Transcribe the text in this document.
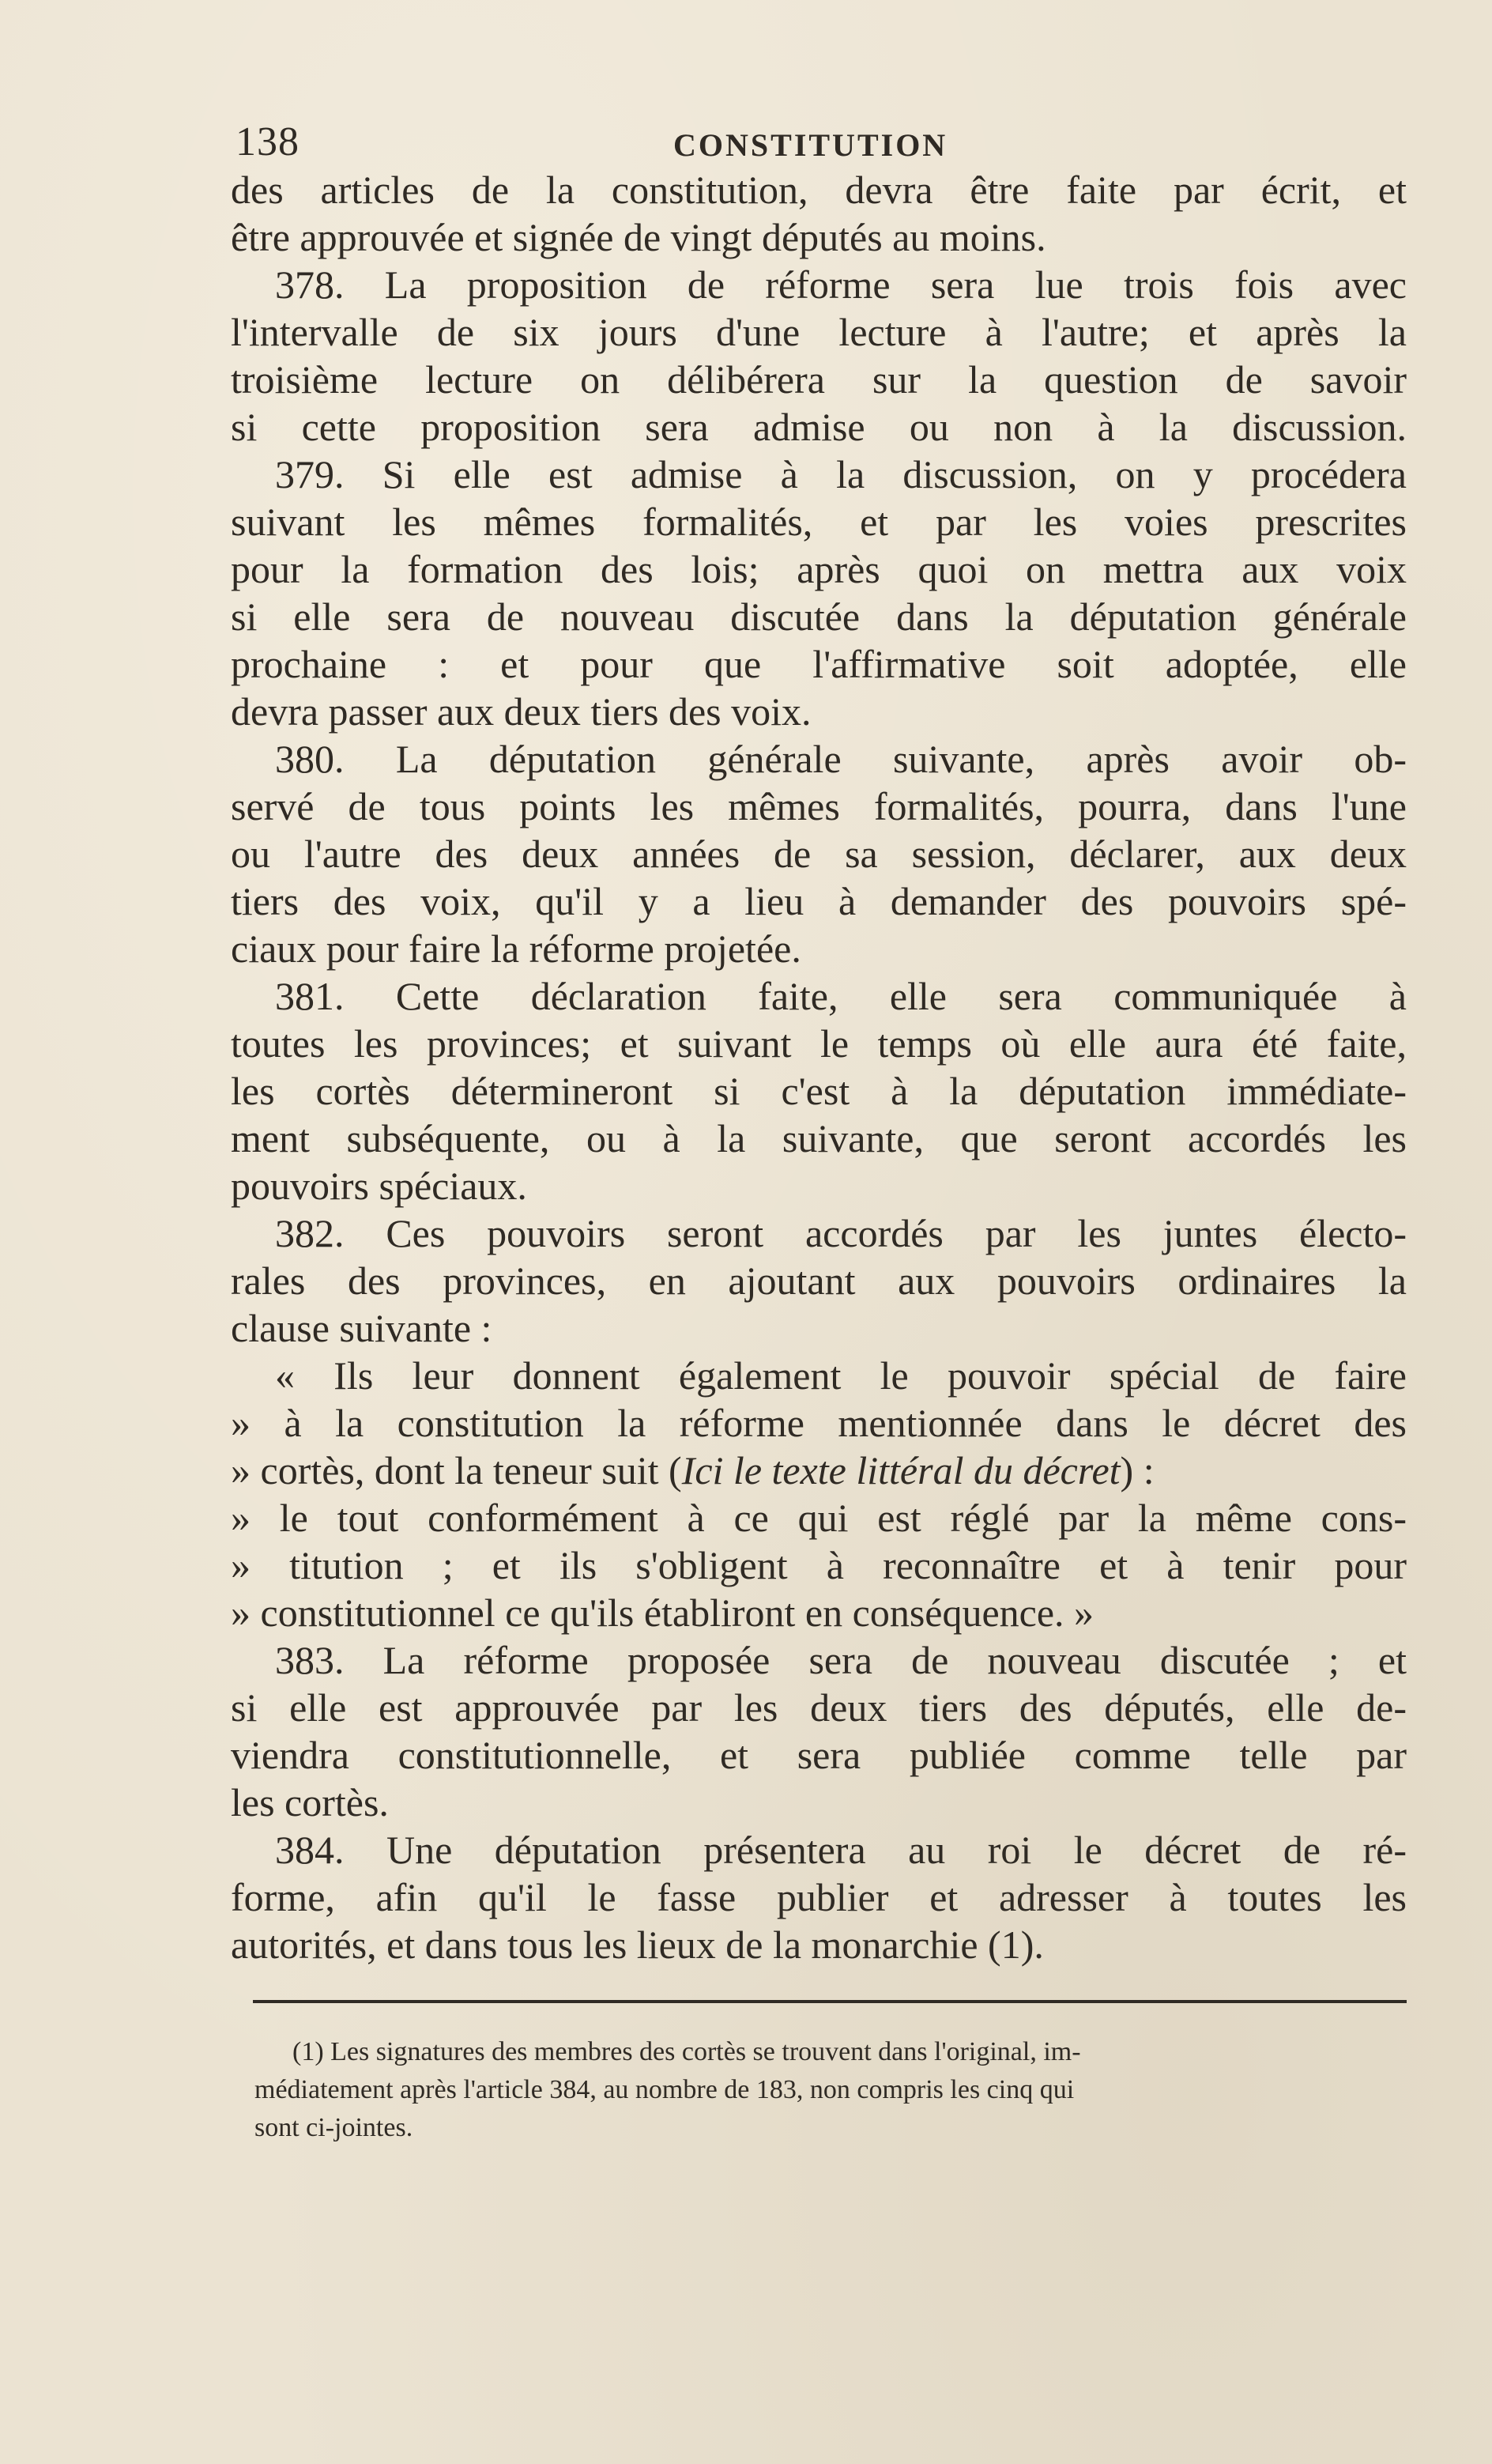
138	CONSTITUTION
des articles de la constitution, devra être faite par écrit, et
être approuvée et signée de vingt députés au moins.
378. La proposition de réforme sera lue trois fois avec
l'intervalle de six jours d'une lecture à l'autre; et après la
troisième lecture on délibérera sur la question de savoir
si cette proposition sera admise ou non à la discussion.
379. Si elle est admise à la discussion, on y procédera
suivant les mêmes formalités, et par les voies prescrites
pour la formation des lois; après quoi on mettra aux voix
si elle sera de nouveau discutée dans la députation générale
prochaine : et pour que l'affirmative soit adoptée, elle
devra passer aux deux tiers des voix.
380. La députation générale suivante, après avoir ob-
servé de tous points les mêmes formalités, pourra, dans l'une
ou l'autre des deux années de sa session, déclarer, aux deux
tiers des voix, qu'il y a lieu à demander des pouvoirs spé-
ciaux pour faire la réforme projetée.
381. Cette déclaration faite, elle sera communiquée à
toutes les provinces; et suivant le temps où elle aura été faite,
les cortès détermineront si c'est à la députation immédiate-
ment subséquente, ou à la suivante, que seront accordés les
pouvoirs spéciaux.
382. Ces pouvoirs seront accordés par les juntes électo-
rales des provinces, en ajoutant aux pouvoirs ordinaires la
clause suivante :
« Ils leur donnent également le pouvoir spécial de faire
» à la constitution la réforme mentionnée dans le décret des
» cortès, dont la teneur suit (Ici le texte littéral du décret) :
» le tout conformément à ce qui est réglé par la même cons-
» titution ; et ils s'obligent à reconnaître et à tenir pour
» constitutionnel ce qu'ils établiront en conséquence. »
383. La réforme proposée sera de nouveau discutée ; et
si elle est approuvée par les deux tiers des députés, elle de-
viendra constitutionnelle, et sera publiée comme telle par
les cortès.
384. Une députation présentera au roi le décret de ré-
forme, afin qu'il le fasse publier et adresser à toutes les
autorités, et dans tous les lieux de la monarchie (1).
(1) Les signatures des membres des cortès se trouvent dans l'original, im-
médiatement après l'article 384, au nombre de 183, non compris les cinq qui
sont ci-jointes.
